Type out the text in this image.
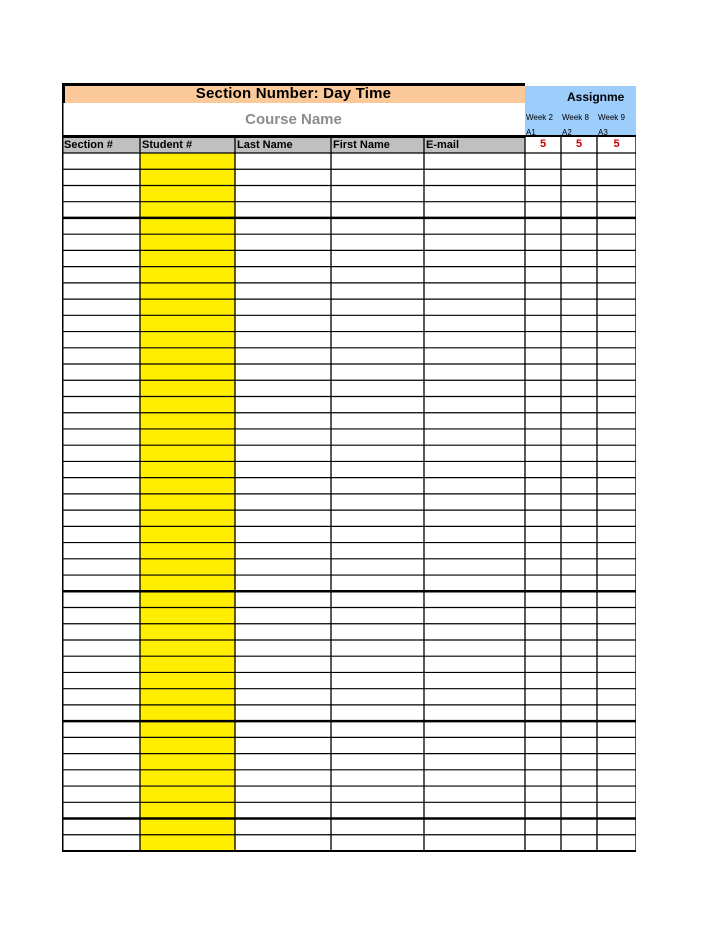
Section Number: Day Time
Course Name
Assignme
Week 2 Week 8 Week 9
A1	A2	A3
Section #	Student #	Last Name	First Name	E-mail	5	5	5
